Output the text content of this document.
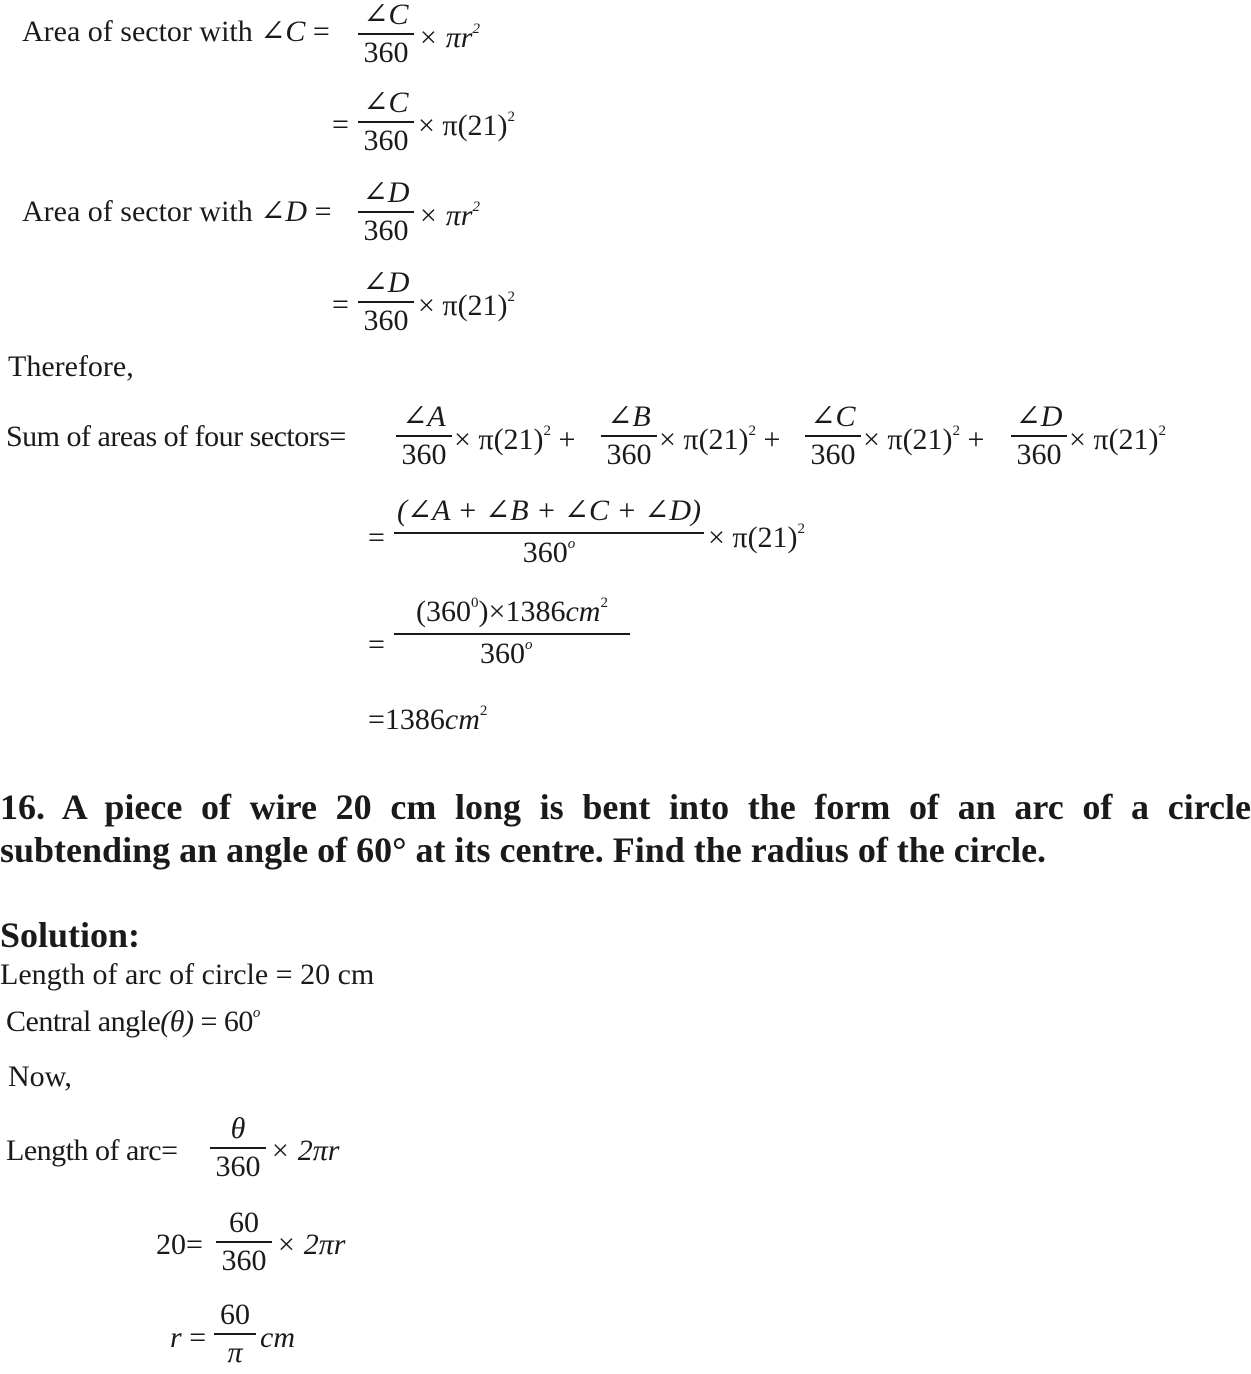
Area of sector with ∠C =
∠C
$360 \times \pi r^2$
=
∠C
$360 \times \pi(21)^2$
Area of sector with ∠D =
∠D
$360 \times \pi r^2$
=
∠D
$360 \times \pi(21)^2$
Therefore,
Sum of areas of four sectors=
∠A
$360 \times \pi(21)^2$ +
∠B
$360 \times \pi(21)^2$ +
∠C
$360 \times \pi(21)^2$ +
∠D
$360 \times \pi(21)^2$
=
(∠A + ∠B + ∠C + ∠D)
$360^o$	× $\pi(21)^2$
=
$(360^0)\times 1386cm^2$
$360^o$
$=1386cm^2$
16. A piece of wire 20 cm long is bent into the form of an arc of a circle
subtending an angle of 60° at its centre. Find the radius of the circle.
Solution:
Length of arc of circle = 20 cm
Central angle(θ) = $60^o$
Now,
Length of arc=
θ
360 × 2πr
20=
60
360 × 2πr
r =
60
π cm
